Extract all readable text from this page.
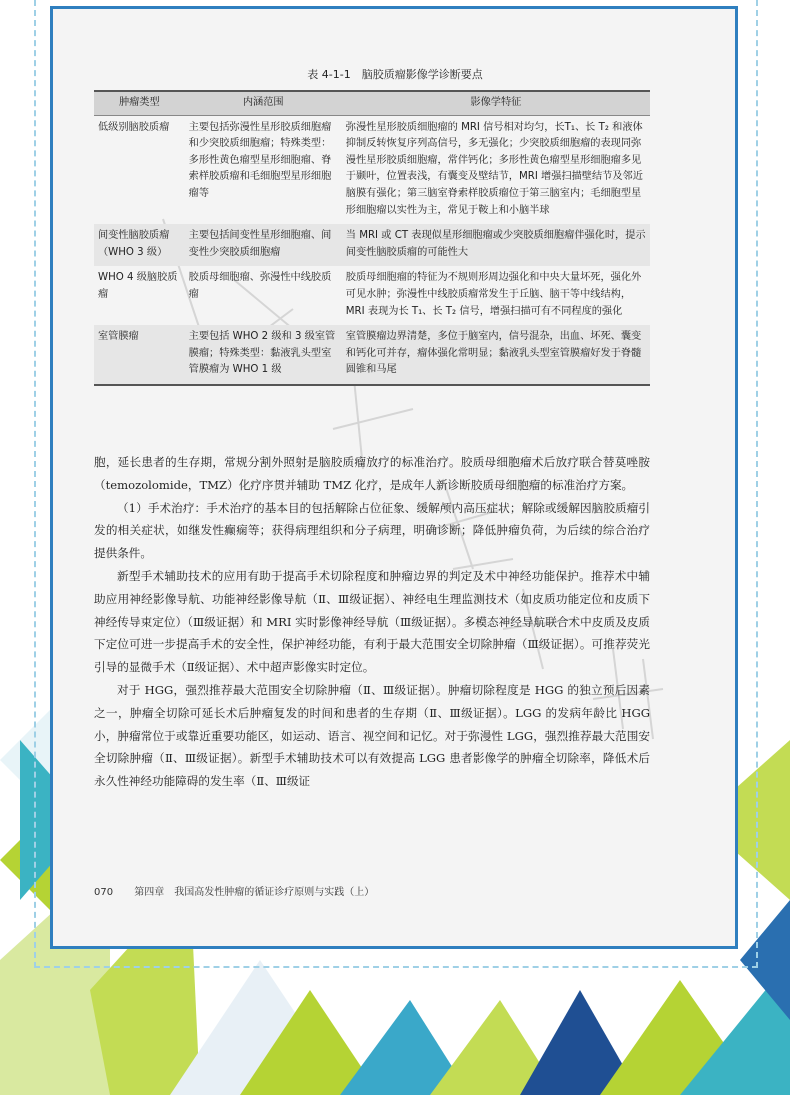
表 4-1-1　脑胶质瘤影像学诊断要点
肿瘤类型	内涵范围	影像学特征
低级别脑胶质瘤	主要包括弥漫性星形胶质细胞瘤和少突胶质细胞瘤；特殊类型：多形性黄色瘤型星形细胞瘤、脊索样胶质瘤和毛细胞型星形细胞瘤等	弥漫性星形胶质细胞瘤的 MRI 信号相对均匀，长T₁、长 T₂ 和液体抑制反转恢复序列高信号，多无强化；少突胶质细胞瘤的表现同弥漫性星形胶质细胞瘤，常伴钙化；多形性黄色瘤型星形细胞瘤多见于颞叶，位置表浅，有囊变及壁结节，MRI 增强扫描壁结节及邻近脑膜有强化；第三脑室脊索样胶质瘤位于第三脑室内；毛细胞型星形细胞瘤以实性为主，常见于鞍上和小脑半球
间变性脑胶质瘤（WHO 3 级）	主要包括间变性星形细胞瘤、间变性少突胶质细胞瘤	当 MRI 或 CT 表现似星形细胞瘤或少突胶质细胞瘤伴强化时，提示间变性脑胶质瘤的可能性大
WHO 4 级脑胶质瘤	胶质母细胞瘤、弥漫性中线胶质瘤	胶质母细胞瘤的特征为不规则形周边强化和中央大量坏死，强化外可见水肿；弥漫性中线胶质瘤常发生于丘脑、脑干等中线结构，MRI 表现为长 T₁、长 T₂ 信号，增强扫描可有不同程度的强化
室管膜瘤	主要包括 WHO 2 级和 3 级室管膜瘤；特殊类型：黏液乳头型室管膜瘤为 WHO 1 级	室管膜瘤边界清楚，多位于脑室内，信号混杂，出血、坏死、囊变和钙化可并存，瘤体强化常明显；黏液乳头型室管膜瘤好发于脊髓圆锥和马尾

胞，延长患者的生存期，常规分割外照射是脑胶质瘤放疗的标准治疗。胶质母细胞瘤术后放疗联合替莫唑胺（temozolomide，TMZ）化疗序贯并辅助 TMZ 化疗，是成年人新诊断胶质母细胞瘤的标准治疗方案。

（1）手术治疗：手术治疗的基本目的包括解除占位征象、缓解颅内高压症状；解除或缓解因脑胶质瘤引发的相关症状，如继发性癫痫等；获得病理组织和分子病理，明确诊断；降低肿瘤负荷，为后续的综合治疗提供条件。

新型手术辅助技术的应用有助于提高手术切除程度和肿瘤边界的判定及术中神经功能保护。推荐术中辅助应用神经影像导航、功能神经影像导航（Ⅱ、Ⅲ级证据）、神经电生理监测技术（如皮质功能定位和皮质下神经传导束定位）（Ⅲ级证据）和 MRI 实时影像神经导航（Ⅲ级证据）。多模态神经导航联合术中皮质及皮质下定位可进一步提高手术的安全性，保护神经功能，有利于最大范围安全切除肿瘤（Ⅲ级证据）。可推荐荧光引导的显微手术（Ⅱ级证据）、术中超声影像实时定位。

对于 HGG，强烈推荐最大范围安全切除肿瘤（Ⅱ、Ⅲ级证据）。肿瘤切除程度是 HGG 的独立预后因素之一，肿瘤全切除可延长术后肿瘤复发的时间和患者的生存期（Ⅱ、Ⅲ级证据）。LGG 的发病年龄比 HGG 小，肿瘤常位于或靠近重要功能区，如运动、语言、视空间和记忆。对于弥漫性 LGG，强烈推荐最大范围安全切除肿瘤（Ⅱ、Ⅲ级证据）。新型手术辅助技术可以有效提高 LGG 患者影像学的肿瘤全切除率，降低术后永久性神经功能障碍的发生率（Ⅱ、Ⅲ级证

070 第四章　我国高发性肿瘤的循证诊疗原则与实践（上）
